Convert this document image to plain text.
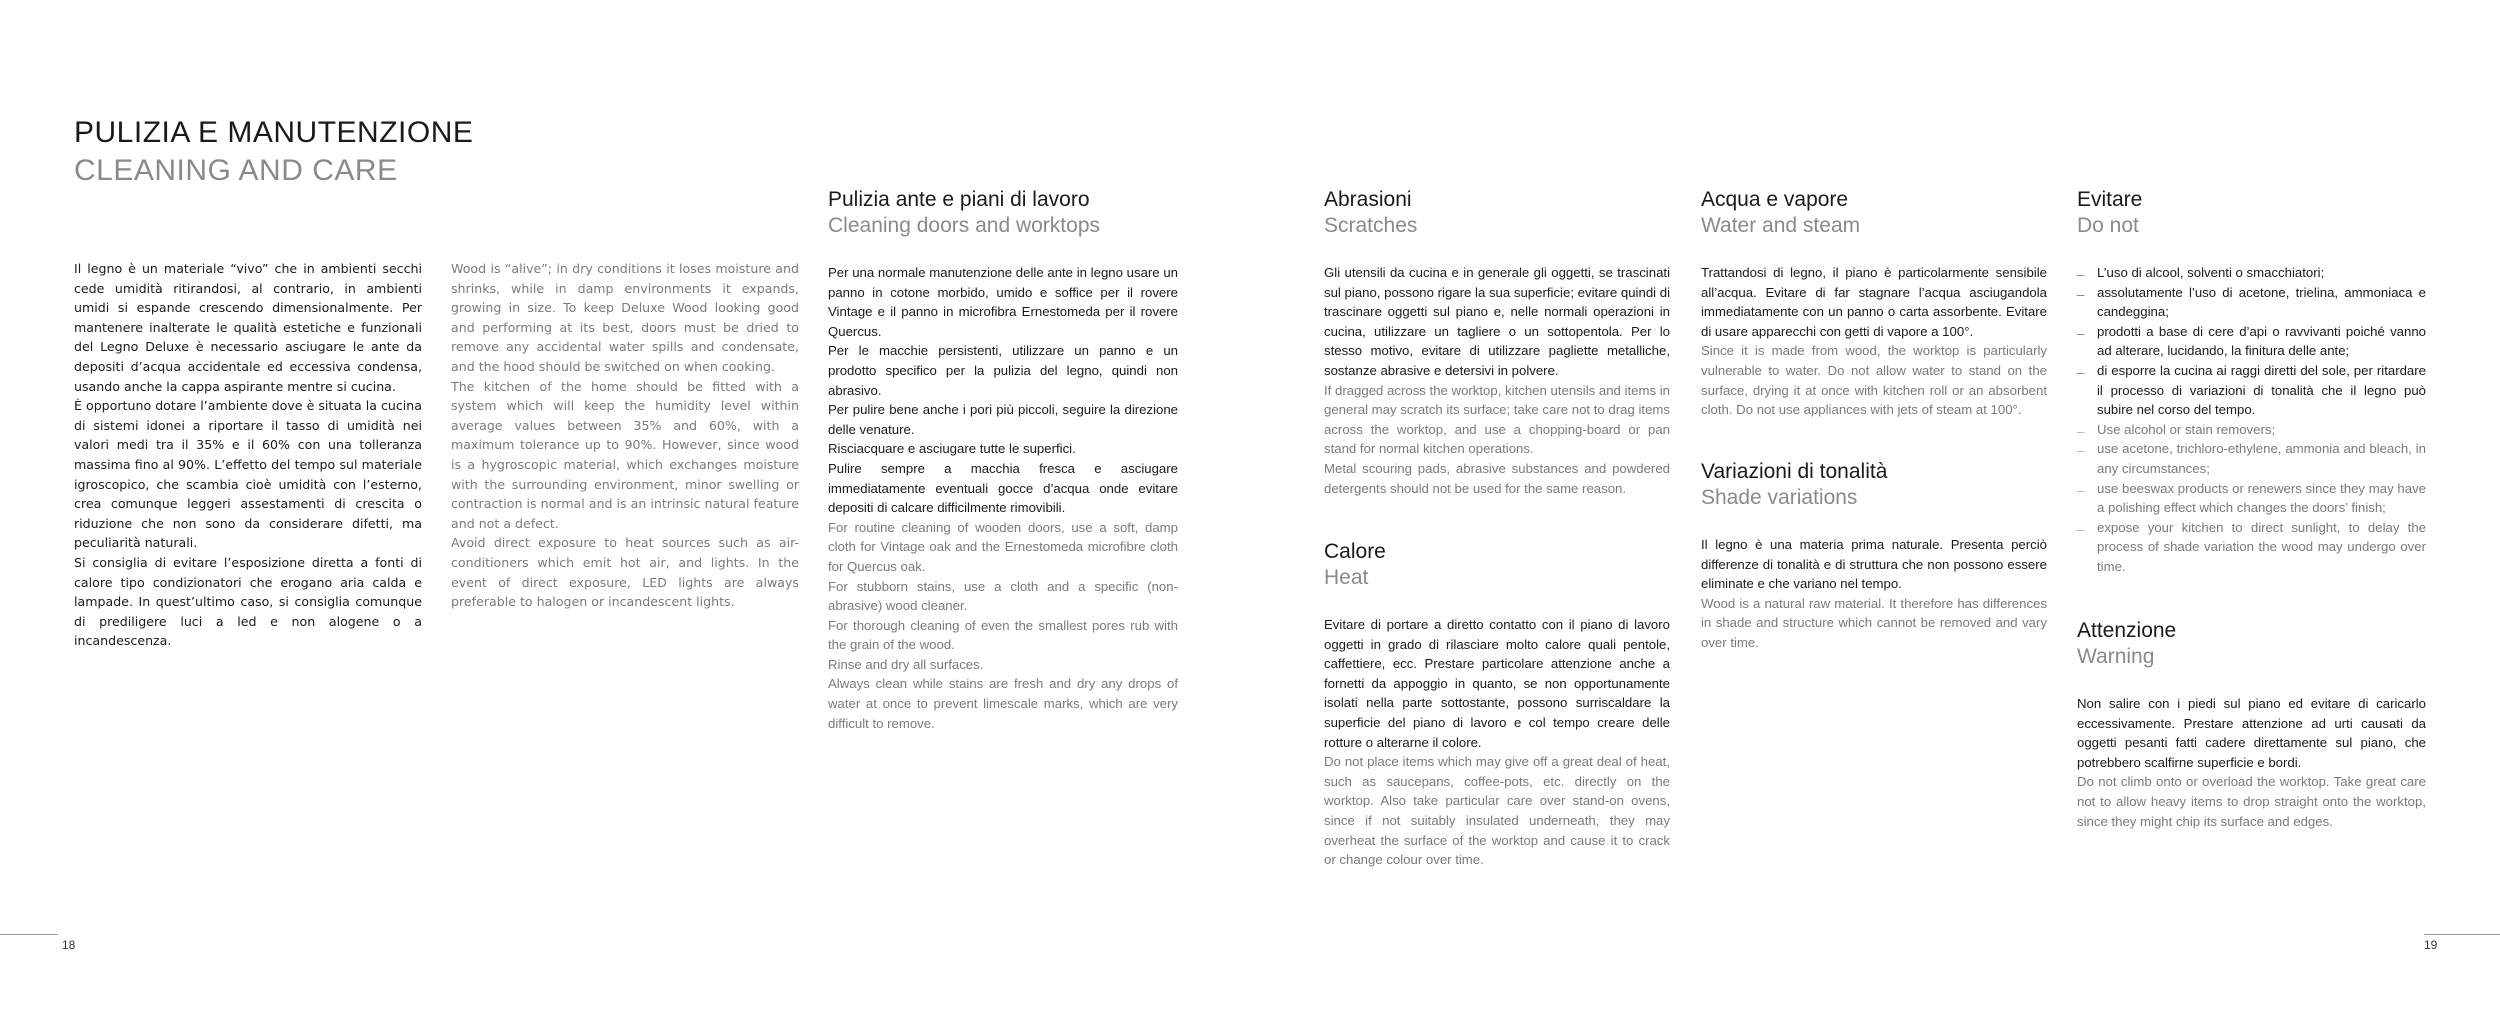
PULIZIA E MANUTENZIONE
CLEANING AND CARE

Il legno è un materiale “vivo” che in ambienti secchi cede umidità ritirandosi, al contrario, in ambienti umidi si espande crescendo dimensionalmente. Per mantenere inalterate le qualità estetiche e funzionali del Legno Deluxe è necessario asciugare le ante da depositi d’acqua accidentale ed eccessiva condensa, usando anche la cappa aspirante mentre si cucina.

È opportuno dotare l’ambiente dove è situata la cucina di sistemi idonei a riportare il tasso di umidità nei valori medi tra il 35% e il 60% con una tolleranza massima fino al 90%. L’effetto del tempo sul materiale igroscopico, che scambia cioè umidità con l’esterno, crea comunque leggeri assestamenti di crescita o riduzione che non sono da considerare difetti, ma peculiarità naturali.

Si consiglia di evitare l’esposizione diretta a fonti di calore tipo condizionatori che erogano aria calda e lampade. In quest’ultimo caso, si consiglia comunque di prediligere luci a led e non alogene o a incandescenza.

Wood is “alive”; in dry conditions it loses moisture and shrinks, while in damp environments it expands, growing in size. To keep Deluxe Wood looking good and performing at its best, doors must be dried to remove any accidental water spills and condensate, and the hood should be switched on when cooking.

The kitchen of the home should be fitted with a system which will keep the humidity level within average values between 35% and 60%, with a maximum tolerance up to 90%. However, since wood is a hygroscopic material, which exchanges moisture with the surrounding environment, minor swelling or contraction is normal and is an intrinsic natural feature and not a defect.

Avoid direct exposure to heat sources such as air-conditioners which emit hot air, and lights. In the event of direct exposure, LED lights are always preferable to halogen or incandescent lights.

Pulizia ante e piani di lavoro
Cleaning doors and worktops

Per una normale manutenzione delle ante in legno usare un panno in cotone morbido, umido e soffice per il rovere Vintage e il panno in microfibra Ernestomeda per il rovere Quercus.

Per le macchie persistenti, utilizzare un panno e un prodotto specifico per la pulizia del legno, quindi non abrasivo.

Per pulire bene anche i pori più piccoli, seguire la direzione delle venature.

Risciacquare e asciugare tutte le superfici.

Pulire sempre a macchia fresca e asciugare immediatamente eventuali gocce d’acqua onde evitare depositi di calcare difficilmente rimovibili.

For routine cleaning of wooden doors, use a soft, damp cloth for Vintage oak and the Ernestomeda microfibre cloth for Quercus oak.

For stubborn stains, use a cloth and a specific (non-abrasive) wood cleaner.

For thorough cleaning of even the smallest pores rub with the grain of the wood.

Rinse and dry all surfaces.

Always clean while stains are fresh and dry any drops of water at once to prevent limescale marks, which are very difficult to remove.

Abrasioni
Scratches

Gli utensili da cucina e in generale gli oggetti, se trascinati sul piano, possono rigare la sua superficie; evitare quindi di trascinare oggetti sul piano e, nelle normali operazioni in cucina, utilizzare un tagliere o un sottopentola. Per lo stesso motivo, evitare di utilizzare pagliette metalliche, sostanze abrasive e detersivi in polvere.

If dragged across the worktop, kitchen utensils and items in general may scratch its surface; take care not to drag items across the worktop, and use a chopping-board or pan stand for normal kitchen operations.

Metal scouring pads, abrasive substances and powdered detergents should not be used for the same reason.

Calore
Heat

Evitare di portare a diretto contatto con il piano di lavoro oggetti in grado di rilasciare molto calore quali pentole, caffettiere, ecc. Prestare particolare attenzione anche a fornetti da appoggio in quanto, se non opportunamente isolati nella parte sottostante, possono surriscaldare la superficie del piano di lavoro e col tempo creare delle rotture o alterarne il colore.

Do not place items which may give off a great deal of heat, such as saucepans, coffee-pots, etc. directly on the worktop. Also take particular care over stand-on ovens, since if not suitably insulated underneath, they may overheat the surface of the worktop and cause it to crack or change colour over time.

Acqua e vapore
Water and steam

Trattandosi di legno, il piano è particolarmente sensibile all’acqua. Evitare di far stagnare l’acqua asciugandola immediatamente con un panno o carta assorbente. Evitare di usare apparecchi con getti di vapore a 100°.

Since it is made from wood, the worktop is particularly vulnerable to water. Do not allow water to stand on the surface, drying it at once with kitchen roll or an absorbent cloth. Do not use appliances with jets of steam at 100°.

Variazioni di tonalità
Shade variations

Il legno è una materia prima naturale. Presenta perciò differenze di tonalità e di struttura che non possono essere eliminate e che variano nel tempo.

Wood is a natural raw material. It therefore has differences in shade and structure which cannot be removed and vary over time.

Evitare
Do not
_ L’uso di alcool, solventi o smacchiatori;
_ assolutamente l’uso di acetone, trielina, ammoniaca e candeggina;
_ prodotti a base di cere d’api o ravvivanti poiché vanno ad alterare, lucidando, la finitura delle ante;
_ di esporre la cucina ai raggi diretti del sole, per ritardare il processo di variazioni di tonalità che il legno può subire nel corso del tempo.
_ Use alcohol or stain removers;
_ use acetone, trichloro-ethylene, ammonia and bleach, in any circumstances;
_ use beeswax products or renewers since they may have a polishing effect which changes the doors’ finish;
_ expose your kitchen to direct sunlight, to delay the process of shade variation the wood may undergo over time.
Attenzione
Warning

Non salire con i piedi sul piano ed evitare di caricarlo eccessivamente. Prestare attenzione ad urti causati da oggetti pesanti fatti cadere direttamente sul piano, che potrebbero scalfirne superficie e bordi.

Do not climb onto or overload the worktop. Take great care not to allow heavy items to drop straight onto the worktop, since they might chip its surface and edges.

18	19
